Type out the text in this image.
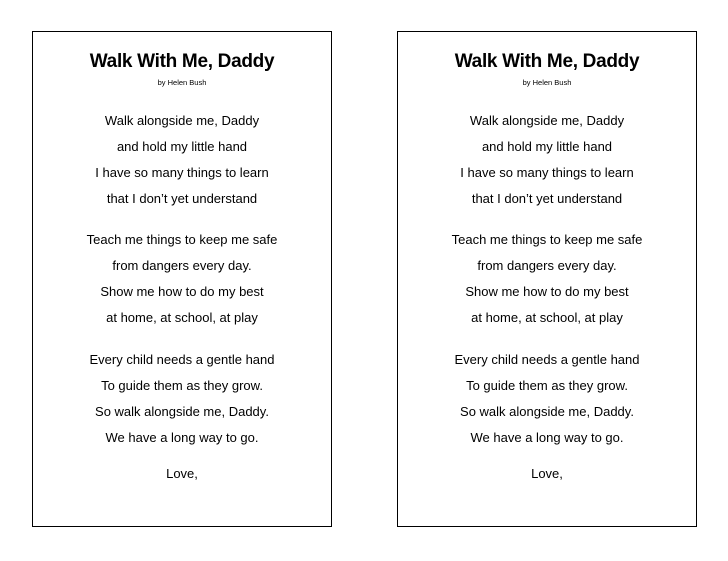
Walk With Me, Daddy
by Helen Bush
Walk alongside me, Daddy
and hold my little hand
I have so many things to learn
that I don’t yet understand
Teach me things to keep me safe
from dangers every day.
Show me how to do my best
at home, at school, at play
Every child needs a gentle hand
To guide them as they grow.
So walk alongside me, Daddy.
We have a long way to go.
Love,
Walk With Me, Daddy
by Helen Bush
Walk alongside me, Daddy
and hold my little hand
I have so many things to learn
that I don’t yet understand
Teach me things to keep me safe
from dangers every day.
Show me how to do my best
at home, at school, at play
Every child needs a gentle hand
To guide them as they grow.
So walk alongside me, Daddy.
We have a long way to go.
Love,
